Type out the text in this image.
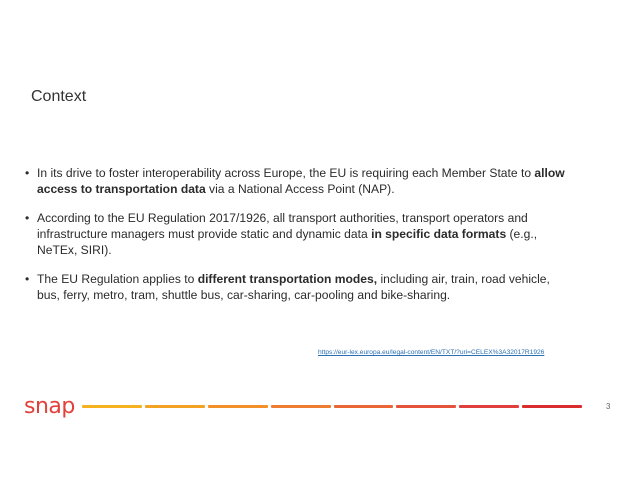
Context
• In its drive to foster interoperability across Europe, the EU is requiring each Member State to allow access to transportation data via a National Access Point (NAP).
• According to the EU Regulation 2017/1926, all transport authorities, transport operators and infrastructure managers must provide static and dynamic data in specific data formats (e.g., NeTEx, SIRI).
• The EU Regulation applies to different transportation modes, including air, train, road vehicle, bus, ferry, metro, tram, shuttle bus, car-sharing, car-pooling and bike-sharing.
https://eur-lex.europa.eu/legal-content/EN/TXT/?uri=CELEX%3A32017R1926
snap	3
